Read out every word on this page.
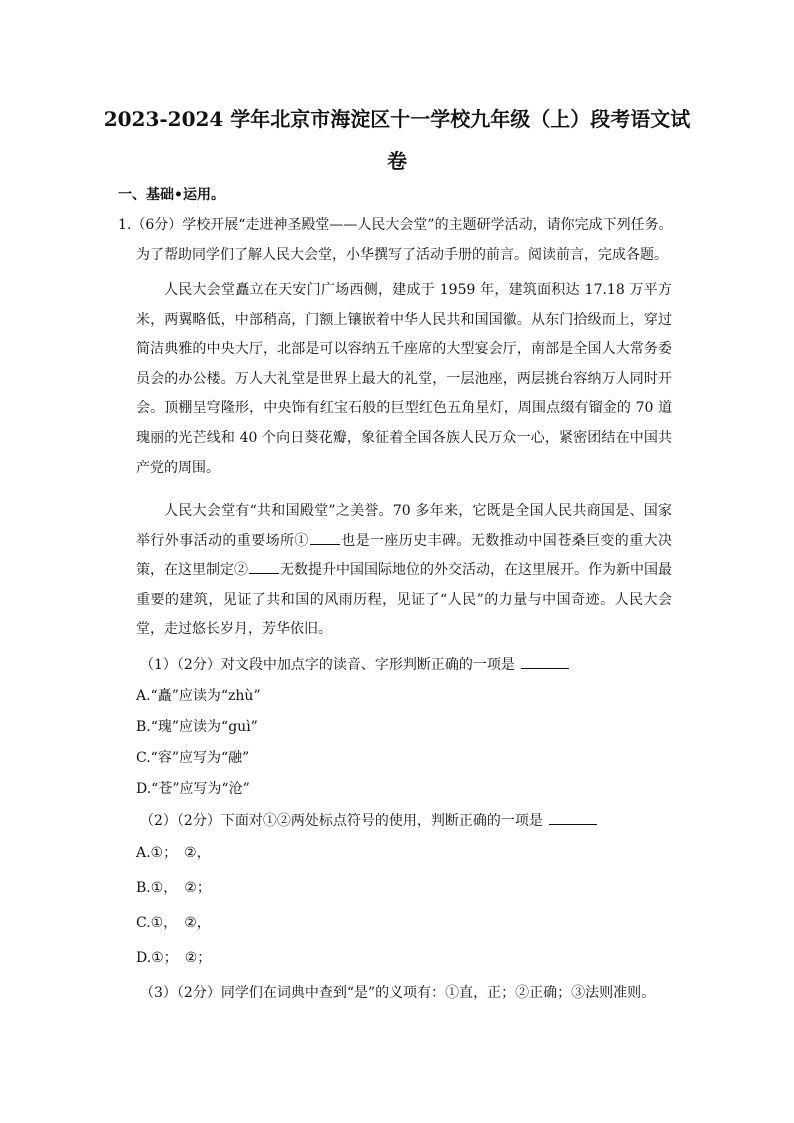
2023-2024 学年北京市海淀区十一学校九年级（上）段考语文试
卷
一、基础•运用。
1.（6分）学校开展“走进神圣殿堂——人民大会堂”的主题研学活动，请你完成下列任务。
为了帮助同学们了解人民大会堂，小华撰写了活动手册的前言。阅读前言，完成各题。
人民大会堂矗立在天安门广场西侧，建成于 1959 年，建筑面积达 17.18 万平方米，两翼略低，中部稍高，门额上镶嵌着中华人民共和国国徽。从东门拾级而上，穿过简洁典雅的中央大厅，北部是可以容纳五千座席的大型宴会厅，南部是全国人大常务委员会的办公楼。万人大礼堂是世界上最大的礼堂，一层池座，两层挑台容纳万人同时开会。顶棚呈穹隆形，中央饰有红宝石般的巨型红色五角星灯，周围点缀有镏金的 70 道瑰丽的光芒线和 40 个向日葵花瓣，象征着全国各族人民万众一心，紧密团结在中国共产党的周围。
人民大会堂有“共和国殿堂”之美誉。70 多年来，它既是全国人民共商国是、国家举行外事活动的重要场所① 也是一座历史丰碑。无数推动中国苍桑巨变的重大决策，在这里制定② 无数提升中国国际地位的外交活动，在这里展开。作为新中国最重要的建筑，见证了共和国的风雨历程，见证了“人民”的力量与中国奇迹。人民大会堂，走过悠长岁月，芳华依旧。
（1）（2分）对文段中加点字的读音、字形判断正确的一项是
A.“矗”应读为“zhù”
B.“瑰”应读为“guì”
C.“容”应写为“融”
D.“苍”应写为“沧”
（2）（2分）下面对①②两处标点符号的使用，判断正确的一项是
A.①；　②，
B.①，　②；
C.①，　②，
D.①；　②；
（3）（2分）同学们在词典中查到“是”的义项有：①直，正；②正确；③法则准则。
